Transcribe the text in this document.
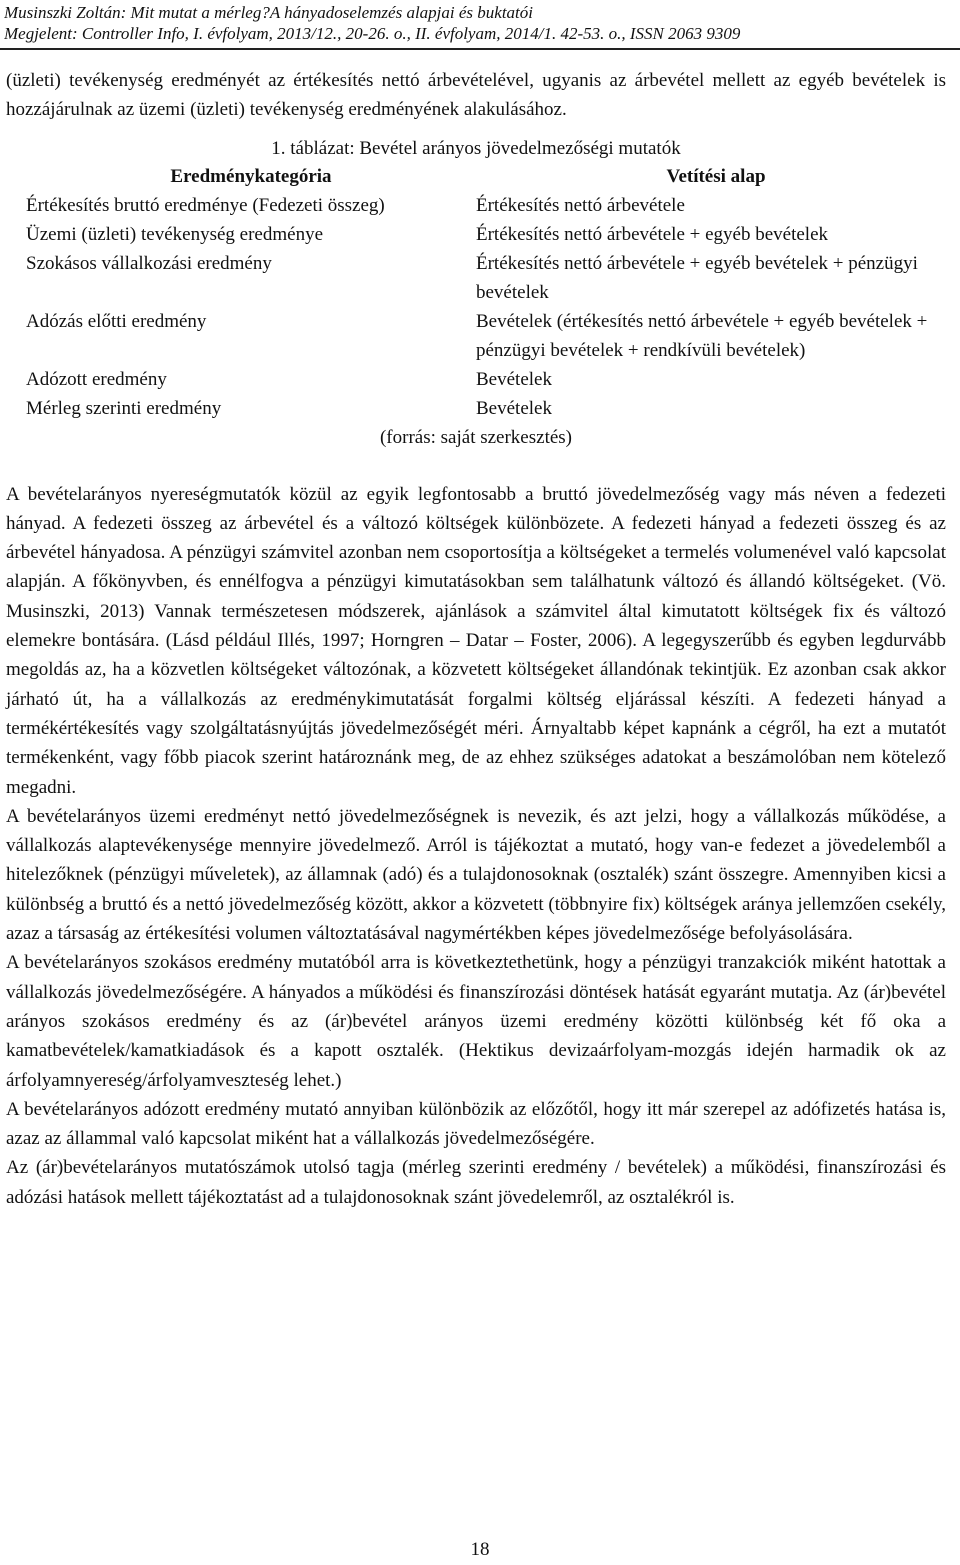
Musinszki Zoltán: Mit mutat a mérleg?A hányadoselemzés alapjai és buktatói
Megjelent: Controller Info, I. évfolyam, 2013/12., 20-26. o., II. évfolyam, 2014/1. 42-53. o., ISSN 2063 9309

(üzleti) tevékenység eredményét az értékesítés nettó árbevételével, ugyanis az árbevétel mellett az egyéb bevételek is hozzájárulnak az üzemi (üzleti) tevékenység eredményének alakulásához.

1. táblázat: Bevétel arányos jövedelmezőségi mutatók
Eredménykategória	Vetítési alap
Értékesítés bruttó eredménye (Fedezeti összeg)	Értékesítés nettó árbevétele
Üzemi (üzleti) tevékenység eredménye	Értékesítés nettó árbevétele + egyéb bevételek
Szokásos vállalkozási eredmény	Értékesítés nettó árbevétele + egyéb bevételek + pénzügyi bevételek
Adózás előtti eredmény	Bevételek (értékesítés nettó árbevétele + egyéb bevételek + pénzügyi bevételek + rendkívüli bevételek)
Adózott eredmény	Bevételek
Mérleg szerinti eredmény	Bevételek
(forrás: saját szerkesztés)

A bevételarányos nyereségmutatók közül az egyik legfontosabb a bruttó jövedelmezőség vagy más néven a fedezeti hányad. A fedezeti összeg az árbevétel és a változó költségek különbözete. A fedezeti hányad a fedezeti összeg és az árbevétel hányadosa. A pénzügyi számvitel azonban nem csoportosítja a költségeket a termelés volumenével való kapcsolat alapján. A főkönyvben, és ennélfogva a pénzügyi kimutatásokban sem találhatunk változó és állandó költségeket. (Vö. Musinszki, 2013) Vannak természetesen módszerek, ajánlások a számvitel által kimutatott költségek fix és változó elemekre bontására. (Lásd például Illés, 1997; Horngren – Datar – Foster, 2006). A legegyszerűbb és egyben legdurvább megoldás az, ha a közvetlen költségeket változónak, a közvetett költségeket állandónak tekintjük. Ez azonban csak akkor járható út, ha a vállalkozás az eredménykimutatását forgalmi költség eljárással készíti. A fedezeti hányad a termékértékesítés vagy szolgáltatásnyújtás jövedelmezőségét méri. Árnyaltabb képet kapnánk a cégről, ha ezt a mutatót termékenként, vagy főbb piacok szerint határoznánk meg, de az ehhez szükséges adatokat a beszámolóban nem kötelező megadni.

A bevételarányos üzemi eredményt nettó jövedelmezőségnek is nevezik, és azt jelzi, hogy a vállalkozás működése, a vállalkozás alaptevékenysége mennyire jövedelmező. Arról is tájékoztat a mutató, hogy van-e fedezet a jövedelemből a hitelezőknek (pénzügyi műveletek), az államnak (adó) és a tulajdonosoknak (osztalék) szánt összegre. Amennyiben kicsi a különbség a bruttó és a nettó jövedelmezőség között, akkor a közvetett (többnyire fix) költségek aránya jellemzően csekély, azaz a társaság az értékesítési volumen változtatásával nagymértékben képes jövedelmezősége befolyásolására.

A bevételarányos szokásos eredmény mutatóból arra is következtethetünk, hogy a pénzügyi tranzakciók miként hatottak a vállalkozás jövedelmezőségére. A hányados a működési és finanszírozási döntések hatását egyaránt mutatja. Az (ár)bevétel arányos szokásos eredmény és az (ár)bevétel arányos üzemi eredmény közötti különbség két fő oka a kamatbevételek/kamatkiadások és a kapott osztalék. (Hektikus devizaárfolyam-mozgás idején harmadik ok az árfolyamnyereség/árfolyamveszteség lehet.)

A bevételarányos adózott eredmény mutató annyiban különbözik az előzőtől, hogy itt már szerepel az adófizetés hatása is, azaz az állammal való kapcsolat miként hat a vállalkozás jövedelmezőségére.

Az (ár)bevételarányos mutatószámok utolsó tagja (mérleg szerinti eredmény / bevételek) a működési, finanszírozási és adózási hatások mellett tájékoztatást ad a tulajdonosoknak szánt jövedelemről, az osztalékról is.

18
